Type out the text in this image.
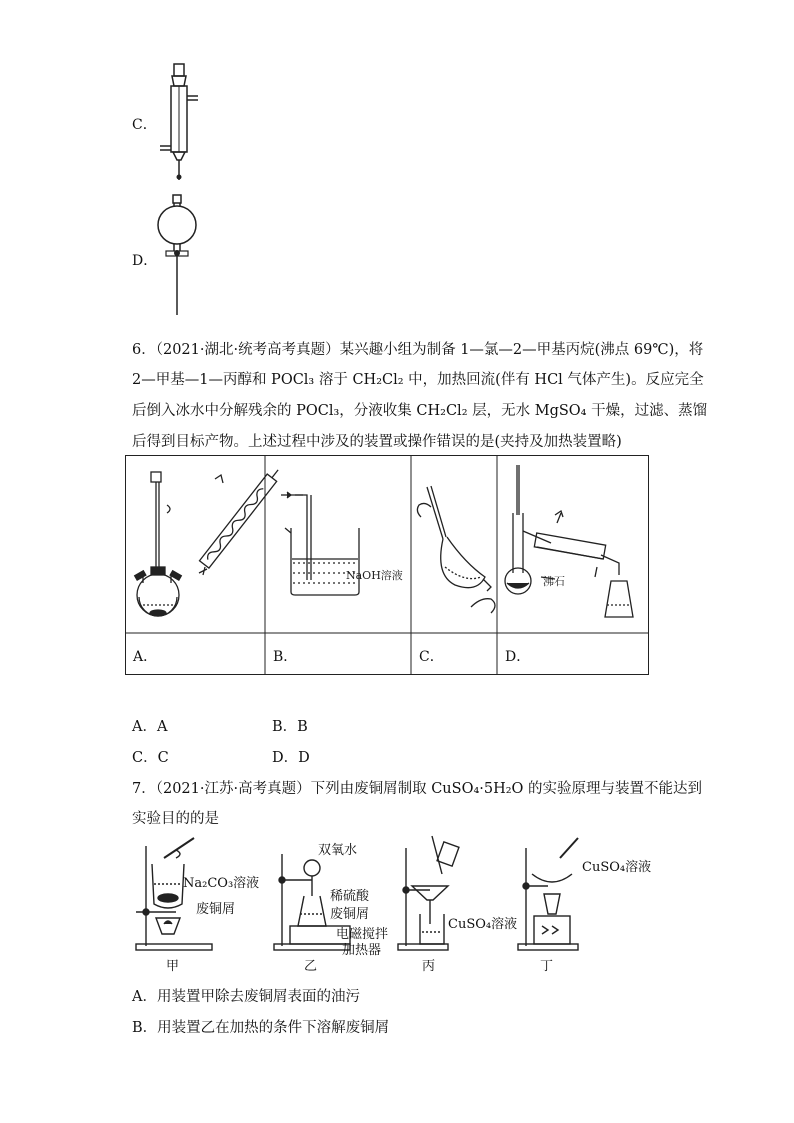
C．
D．
6．（2021·湖北·统考高考真题）某兴趣小组为制备 1—氯—2—甲基丙烷(沸点 69℃)，将
2—甲基—1—丙醇和 POCl₃ 溶于 CH₂Cl₂ 中，加热回流(伴有 HCl 气体产生)。反应完全
后倒入冰水中分解残余的 POCl₃，分液收集 CH₂Cl₂ 层，无水 MgSO₄ 干燥，过滤、蒸馏
后得到目标产物。上述过程中涉及的装置或操作错误的是(夹持及加热装置略)
NaOH溶液	沸石
A．	B．	C．	D．
A．A	B．B
C．C	D．D
7．（2021·江苏·高考真题）下列由废铜屑制取 CuSO₄·5H₂O 的实验原理与装置不能达到
实验目的的是
Na₂CO₃溶液
废铜屑
甲
双氧水
稀硫酸
废铜屑
电磁搅拌
加热器
乙
CuSO₄溶液
丙
CuSO₄溶液
丁
A．用装置甲除去废铜屑表面的油污
B．用装置乙在加热的条件下溶解废铜屑
